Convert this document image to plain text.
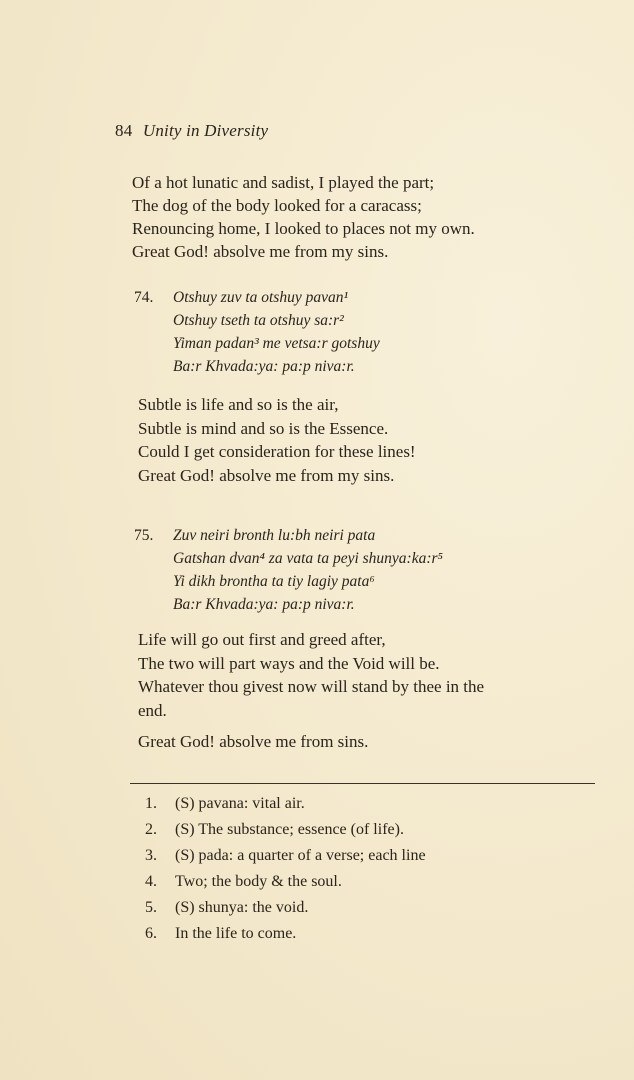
84 Unity in Diversity

Of a hot lunatic and sadist, I played the part;

The dog of the body looked for a caracass;

Renouncing home, I looked to places not my own.

Great God! absolve me from my sins.

74. Otshuy zuv ta otshuy pavan¹

Otshuy tseth ta otshuy sa:r²

Yiman padan³ me vetsa:r gotshuy

Ba:r Khvada:ya: pa:p niva:r.

Subtle is life and so is the air,

Subtle is mind and so is the Essence.

Could I get consideration for these lines!

Great God! absolve me from my sins.

75. Zuv neiri bronth lu:bh neiri pata

Gatshan dvan⁴ za vata ta peyi shunya:ka:r⁵

Yi dikh brontha ta tiy lagiy pata⁶

Ba:r Khvada:ya: pa:p niva:r.

Life will go out first and greed after,

The two will part ways and the Void will be.

Whatever thou givest now will stand by thee in the

end.

Great God! absolve me from sins.

1. (S) pavana: vital air.

2. (S) The substance; essence (of life).

3. (S) pada: a quarter of a verse; each line

4. Two; the body & the soul.

5. (S) shunya: the void.

6. In the life to come.
